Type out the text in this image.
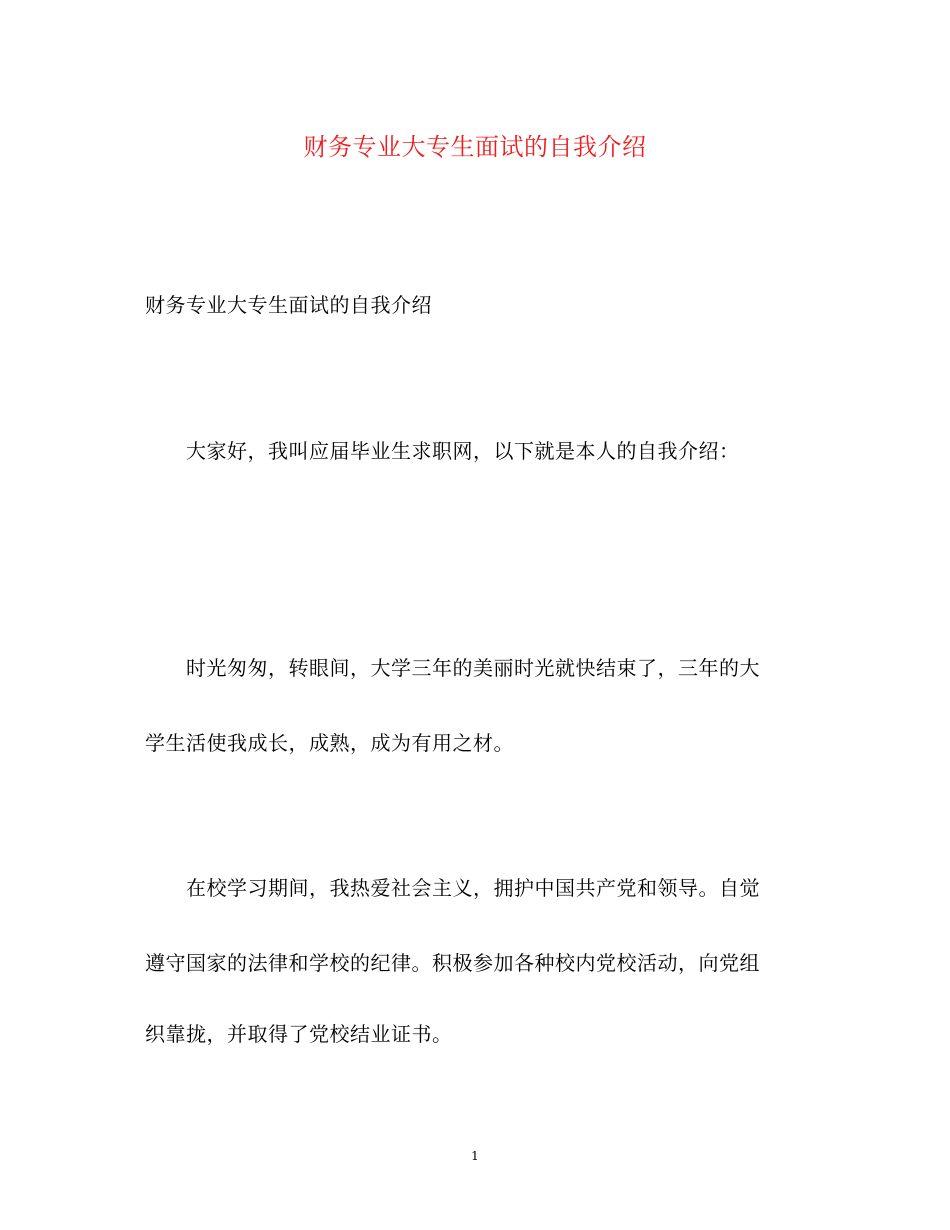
财务专业大专生面试的自我介绍
财务专业大专生面试的自我介绍
大家好，我叫应届毕业生求职网，以下就是本人的自我介绍：
时光匆匆，转眼间，大学三年的美丽时光就快结束了，三年的大
学生活使我成长，成熟，成为有用之材。
在校学习期间，我热爱社会主义，拥护中国共产党和领导。自觉
遵守国家的法律和学校的纪律。积极参加各种校内党校活动，向党组
织靠拢，并取得了党校结业证书。
1
